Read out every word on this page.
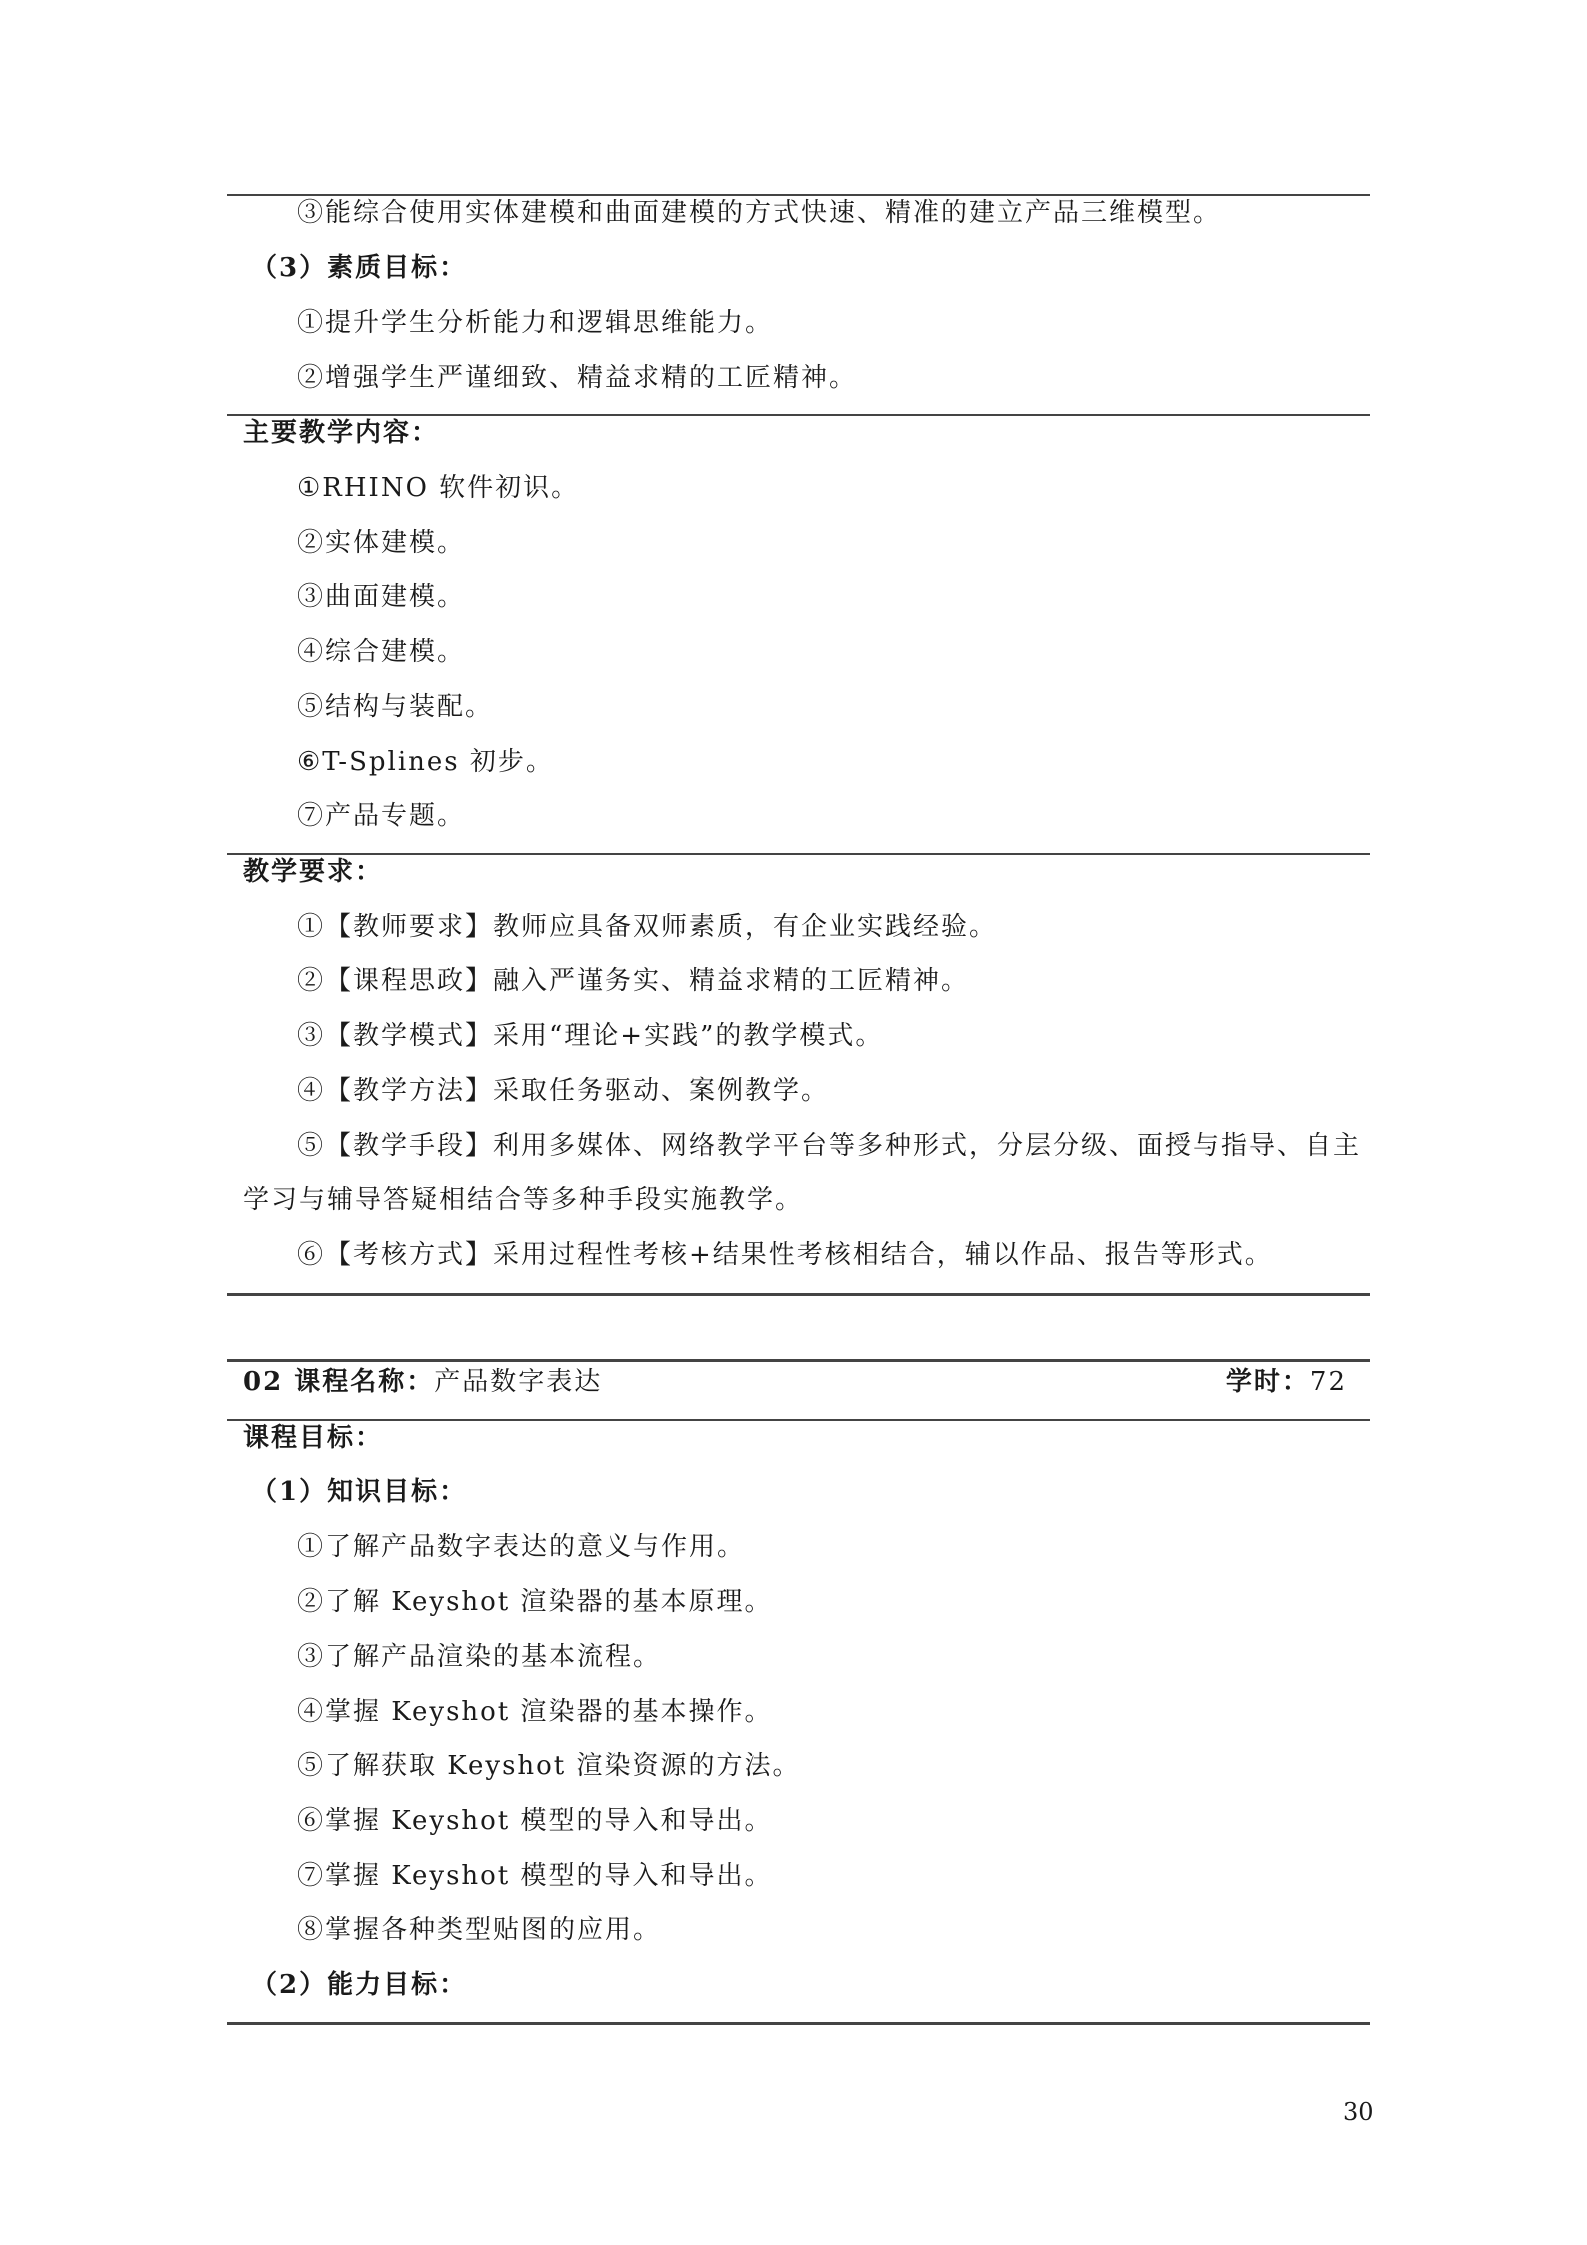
③能综合使用实体建模和曲面建模的方式快速、精准的建立产品三维模型。
（3）素质目标：
①提升学生分析能力和逻辑思维能力。
②增强学生严谨细致、精益求精的工匠精神。
主要教学内容：
①RHINO 软件初识。
②实体建模。
③曲面建模。
④综合建模。
⑤结构与装配。
⑥T-Splines 初步。
⑦产品专题。
教学要求：
①【教师要求】教师应具备双师素质，有企业实践经验。
②【课程思政】融入严谨务实、精益求精的工匠精神。
③【教学模式】采用“理论+实践”的教学模式。
④【教学方法】采取任务驱动、案例教学。
⑤【教学手段】利用多媒体、网络教学平台等多种形式，分层分级、面授与指导、自主
学习与辅导答疑相结合等多种手段实施教学。
⑥【考核方式】采用过程性考核+结果性考核相结合，辅以作品、报告等形式。
02 课程名称：产品数字表达	学时：72
课程目标：
（1）知识目标：
①了解产品数字表达的意义与作用。
②了解 Keyshot 渲染器的基本原理。
③了解产品渲染的基本流程。
④掌握 Keyshot 渲染器的基本操作。
⑤了解获取 Keyshot 渲染资源的方法。
⑥掌握 Keyshot 模型的导入和导出。
⑦掌握 Keyshot 模型的导入和导出。
⑧掌握各种类型贴图的应用。
（2）能力目标：
30
